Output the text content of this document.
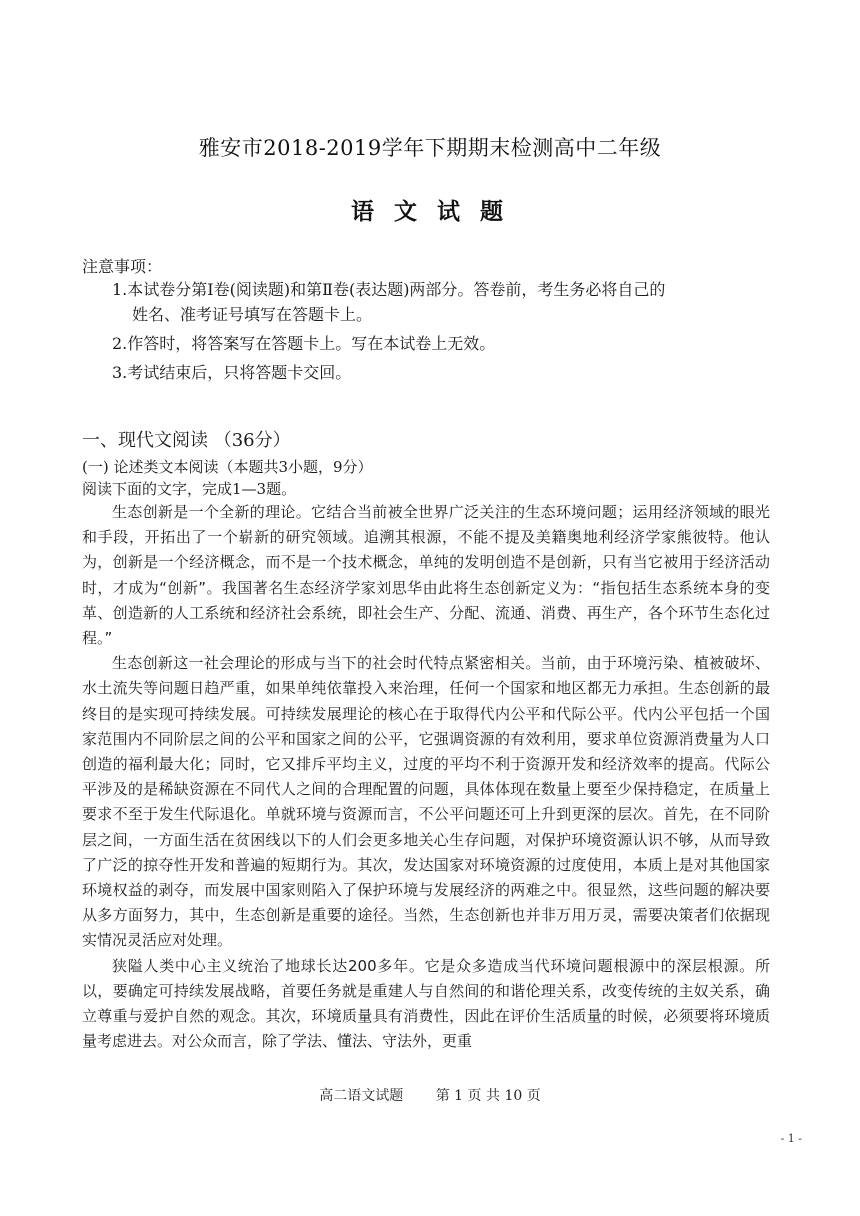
雅安市2018-2019学年下期期末检测高中二年级
语 文 试 题
注意事项：
1.本试卷分第Ⅰ卷(阅读题)和第Ⅱ卷(表达题)两部分。答卷前，考生务必将自己的
姓名、准考证号填写在答题卡上。
2.作答时，将答案写在答题卡上。写在本试卷上无效。
3.考试结束后，只将答题卡交回。
一、现代文阅读 （36分）
(一) 论述类文本阅读（本题共3小题，9分）
阅读下面的文字，完成1—3题。

生态创新是一个全新的理论。它结合当前被全世界广泛关注的生态环境问题；运用经济领域的眼光和手段，开拓出了一个崭新的研究领域。追溯其根源，不能不提及美籍奥地利经济学家熊彼特。他认为，创新是一个经济概念，而不是一个技术概念，单纯的发明创造不是创新，只有当它被用于经济活动时，才成为“创新”。我国著名生态经济学家刘思华由此将生态创新定义为：“指包括生态系统本身的变革、创造新的人工系统和经济社会系统，即社会生产、分配、流通、消费、再生产，各个环节生态化过程。”

生态创新这一社会理论的形成与当下的社会时代特点紧密相关。当前，由于环境污染、植被破坏、水土流失等问题日趋严重，如果单纯依靠投入来治理，任何一个国家和地区都无力承担。生态创新的最终目的是实现可持续发展。可持续发展理论的核心在于取得代内公平和代际公平。代内公平包括一个国家范围内不同阶层之间的公平和国家之间的公平，它强调资源的有效利用，要求单位资源消费量为人口创造的福利最大化；同时，它又排斥平均主义，过度的平均不利于资源开发和经济效率的提高。代际公平涉及的是稀缺资源在不同代人之间的合理配置的问题，具体体现在数量上要至少保持稳定，在质量上要求不至于发生代际退化。单就环境与资源而言，不公平问题还可上升到更深的层次。首先，在不同阶层之间，一方面生活在贫困线以下的人们会更多地关心生存问题，对保护环境资源认识不够，从而导致了广泛的掠夺性开发和普遍的短期行为。其次，发达国家对环境资源的过度使用，本质上是对其他国家环境权益的剥夺，而发展中国家则陷入了保护环境与发展经济的两难之中。很显然，这些问题的解决要从多方面努力，其中，生态创新是重要的途径。当然，生态创新也并非万用万灵，需要决策者们依据现实情况灵活应对处理。

狭隘人类中心主义统治了地球长达200多年。它是众多造成当代环境问题根源中的深层根源。所以，要确定可持续发展战略，首要任务就是重建人与自然间的和谐伦理关系，改变传统的主奴关系，确立尊重与爱护自然的观念。其次，环境质量具有消费性，因此在评价生活质量的时候，必须要将环境质量考虑进去。对公众而言，除了学法、懂法、守法外，更重

高二语文试题 第 1 页 共 10 页
- 1 -
